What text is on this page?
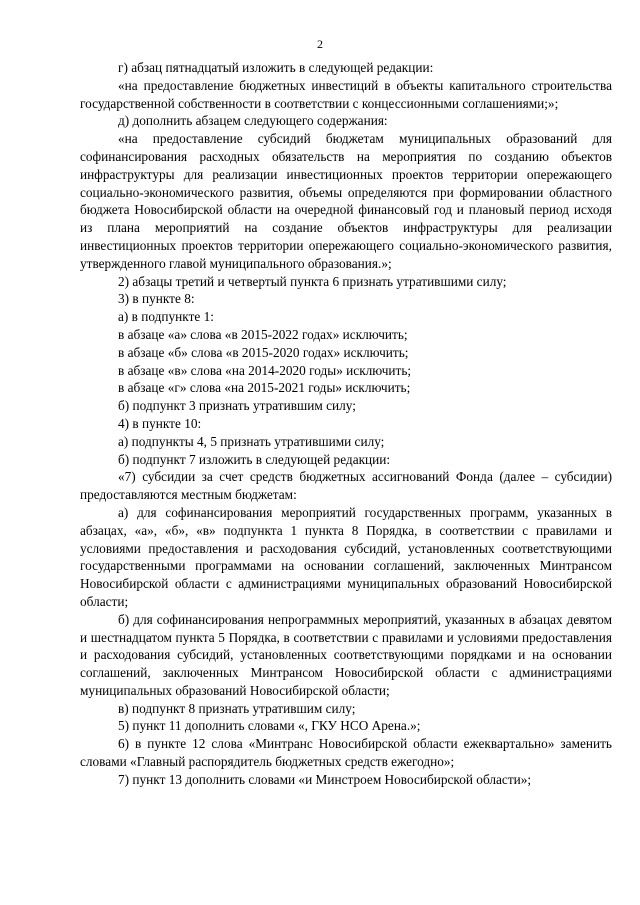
2

г) абзац пятнадцатый изложить в следующей редакции:

«на предоставление бюджетных инвестиций в объекты капитального строительства государственной собственности в соответствии с концессионными соглашениями;»;

д) дополнить абзацем следующего содержания:

«на предоставление субсидий бюджетам муниципальных образований для софинансирования расходных обязательств на мероприятия по созданию объектов инфраструктуры для реализации инвестиционных проектов территории опережающего социально-экономического развития, объемы определяются при формировании областного бюджета Новосибирской области на очередной финансовый год и плановый период исходя из плана мероприятий на создание объектов инфраструктуры для реализации инвестиционных проектов территории опережающего социально-экономического развития, утвержденного главой муниципального образования.»;

2) абзацы третий и четвертый пункта 6 признать утратившими силу;

3) в пункте 8:

а) в подпункте 1:

в абзаце «а» слова «в 2015-2022 годах» исключить;

в абзаце «б» слова «в 2015-2020 годах» исключить;

в абзаце «в» слова «на 2014-2020 годы» исключить;

в абзаце «г» слова «на 2015-2021 годы» исключить;

б) подпункт 3 признать утратившим силу;

4) в пункте 10:

а) подпункты 4, 5 признать утратившими силу;

б) подпункт 7 изложить в следующей редакции:

«7) субсидии за счет средств бюджетных ассигнований Фонда (далее – субсидии) предоставляются местным бюджетам:

а) для софинансирования мероприятий государственных программ, указанных в абзацах, «а», «б», «в» подпункта 1 пункта 8 Порядка, в соответствии с правилами и условиями предоставления и расходования субсидий, установленных соответствующими государственными программами на основании соглашений, заключенных Минтрансом Новосибирской области с администрациями муниципальных образований Новосибирской области;

б) для софинансирования непрограммных мероприятий, указанных в абзацах девятом и шестнадцатом пункта 5 Порядка, в соответствии с правилами и условиями предоставления и расходования субсидий, установленных соответствующими порядками и на основании соглашений, заключенных Минтрансом Новосибирской области с администрациями муниципальных образований Новосибирской области;

в) подпункт 8 признать утратившим силу;

5) пункт 11 дополнить словами «, ГКУ НСО Арена.»;

6) в пункте 12 слова «Минтранс Новосибирской области ежеквартально» заменить словами «Главный распорядитель бюджетных средств ежегодно»;

7) пункт 13 дополнить словами «и Минстроем Новосибирской области»;
